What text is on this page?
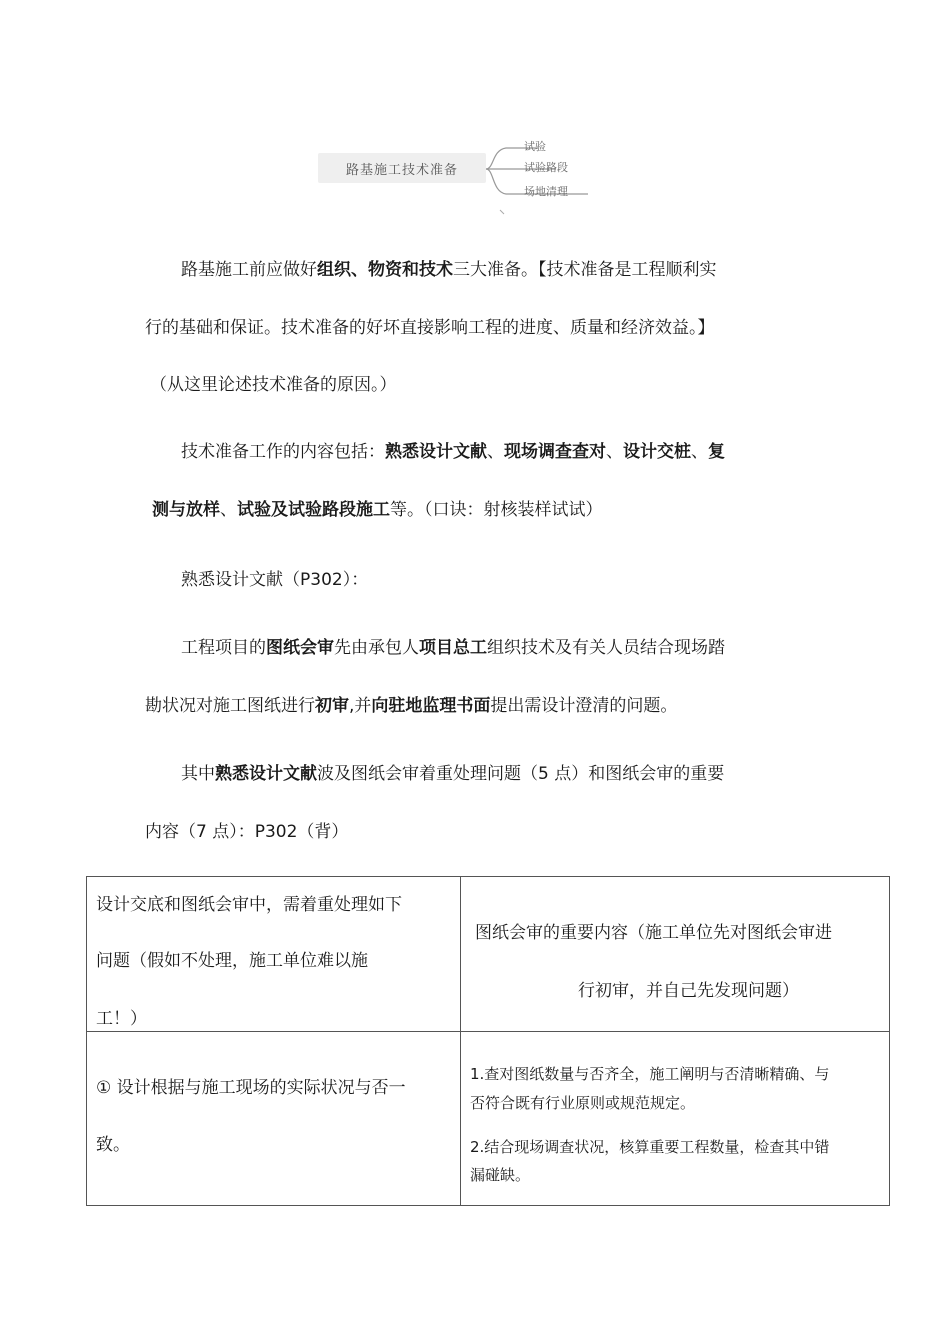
路基施工技术准备
试验
试验路段
场地清理
路基施工前应做好组织、物资和技术三大准备。【技术准备是工程顺利实
行的基础和保证。技术准备的好坏直接影响工程的进度、质量和经济效益。】
（从这里论述技术准备的原因。）
技术准备工作的内容包括：熟悉设计文献、现场调查查对、设计交桩、复
测与放样、试验及试验路段施工等。（口诀：射核装样试试）
熟悉设计文献（P302）：
工程项目的图纸会审先由承包人项目总工组织技术及有关人员结合现场踏
勘状况对施工图纸进行初审,并向驻地监理书面提出需设计澄清的问题。
其中熟悉设计文献波及图纸会审着重处理问题（5 点）和图纸会审的重要
内容（7 点）：P302（背）
设计交底和图纸会审中，需着重处理如下
问题（假如不处理，施工单位难以施
工！）
图纸会审的重要内容（施工单位先对图纸会审进
行初审，并自己先发现问题）
① 设计根据与施工现场的实际状况与否一
致。
1.查对图纸数量与否齐全，施工阐明与否清晰精确、与
否符合既有行业原则或规范规定。
2.结合现场调查状况，核算重要工程数量，检查其中错
漏碰缺。
